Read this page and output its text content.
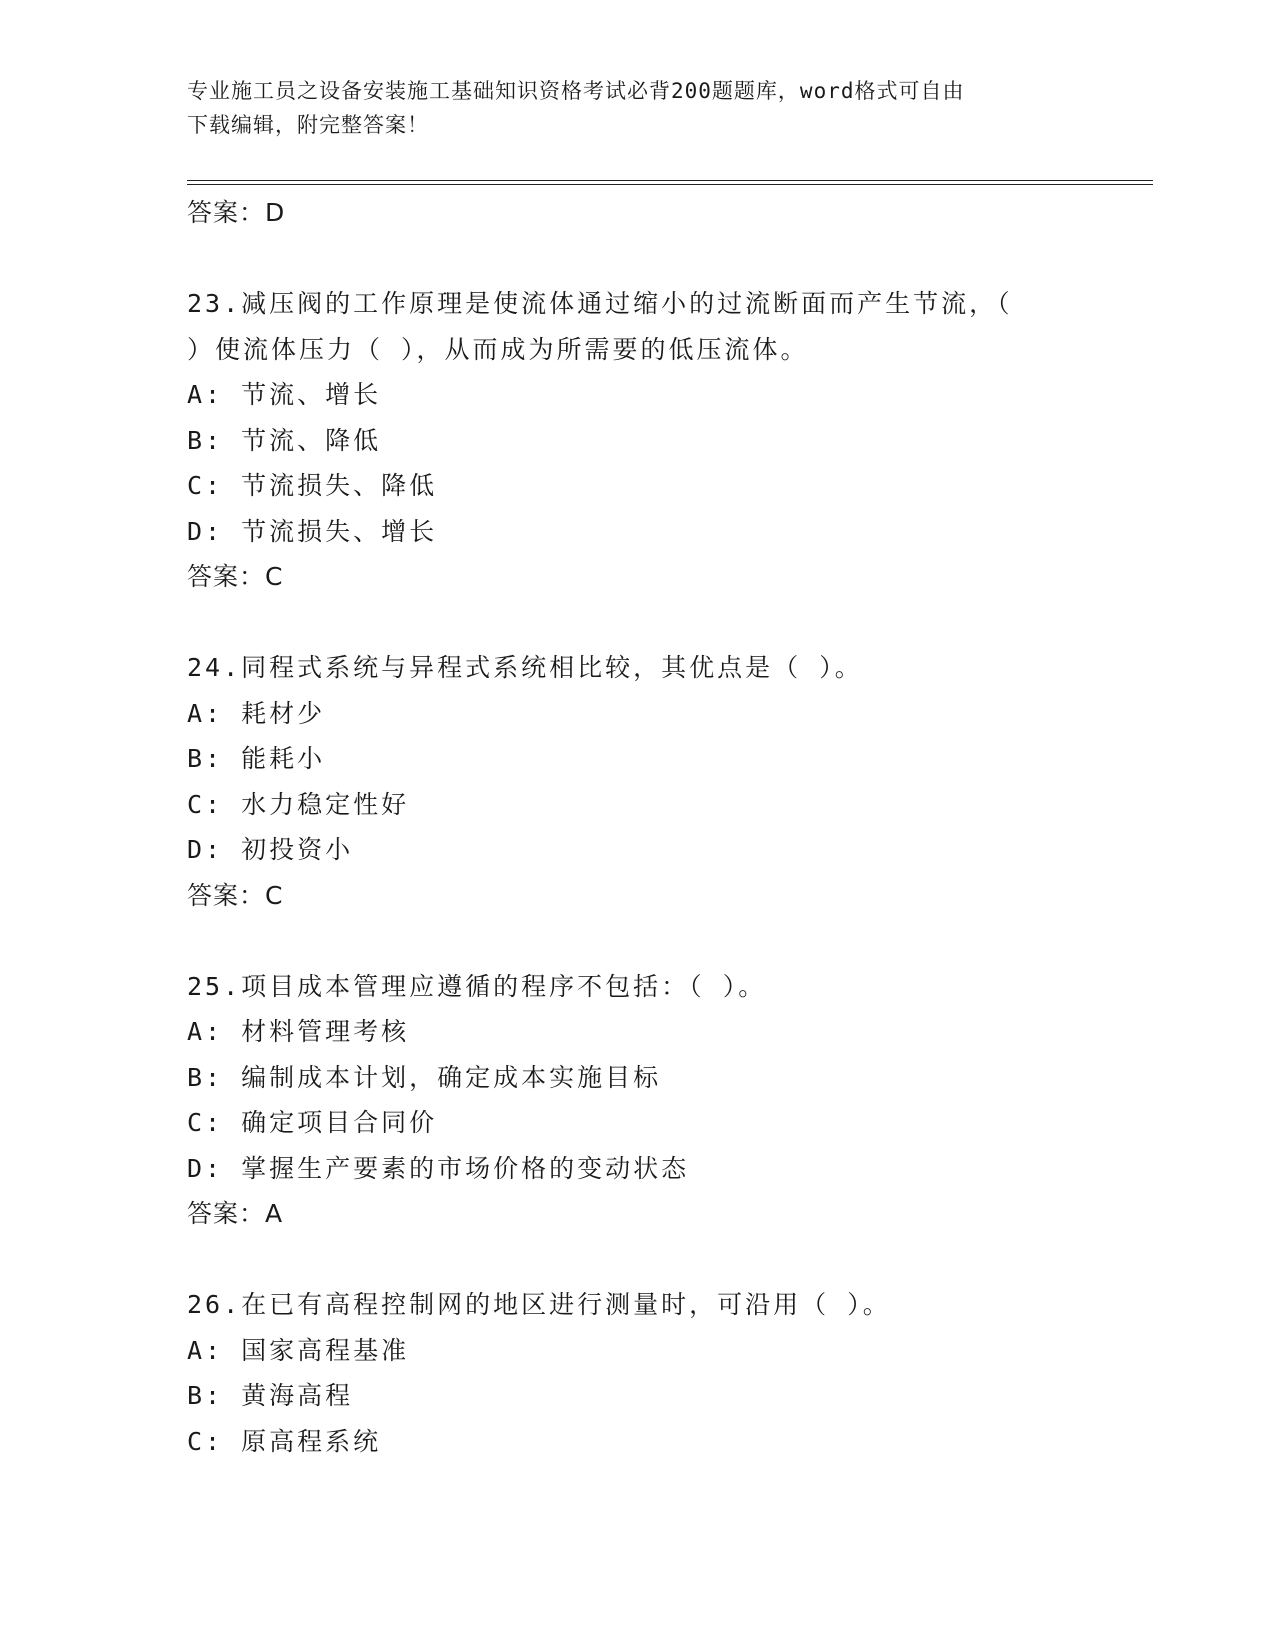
专业施工员之设备安装施工基础知识资格考试必背200题题库，word格式可自由
下载编辑，附完整答案！
答案：D
23.减压阀的工作原理是使流体通过缩小的过流断面而产生节流，（
）使流体压力（ ），从而成为所需要的低压流体。
A: 节流、增长
B: 节流、降低
C: 节流损失、降低
D: 节流损失、增长
答案：C
24.同程式系统与异程式系统相比较，其优点是（ ）。
A: 耗材少
B: 能耗小
C: 水力稳定性好
D: 初投资小
答案：C
25.项目成本管理应遵循的程序不包括：（ ）。
A: 材料管理考核
B: 编制成本计划，确定成本实施目标
C: 确定项目合同价
D: 掌握生产要素的市场价格的变动状态
答案：A
26.在已有高程控制网的地区进行测量时，可沿用（ ）。
A: 国家高程基准
B: 黄海高程
C: 原高程系统
